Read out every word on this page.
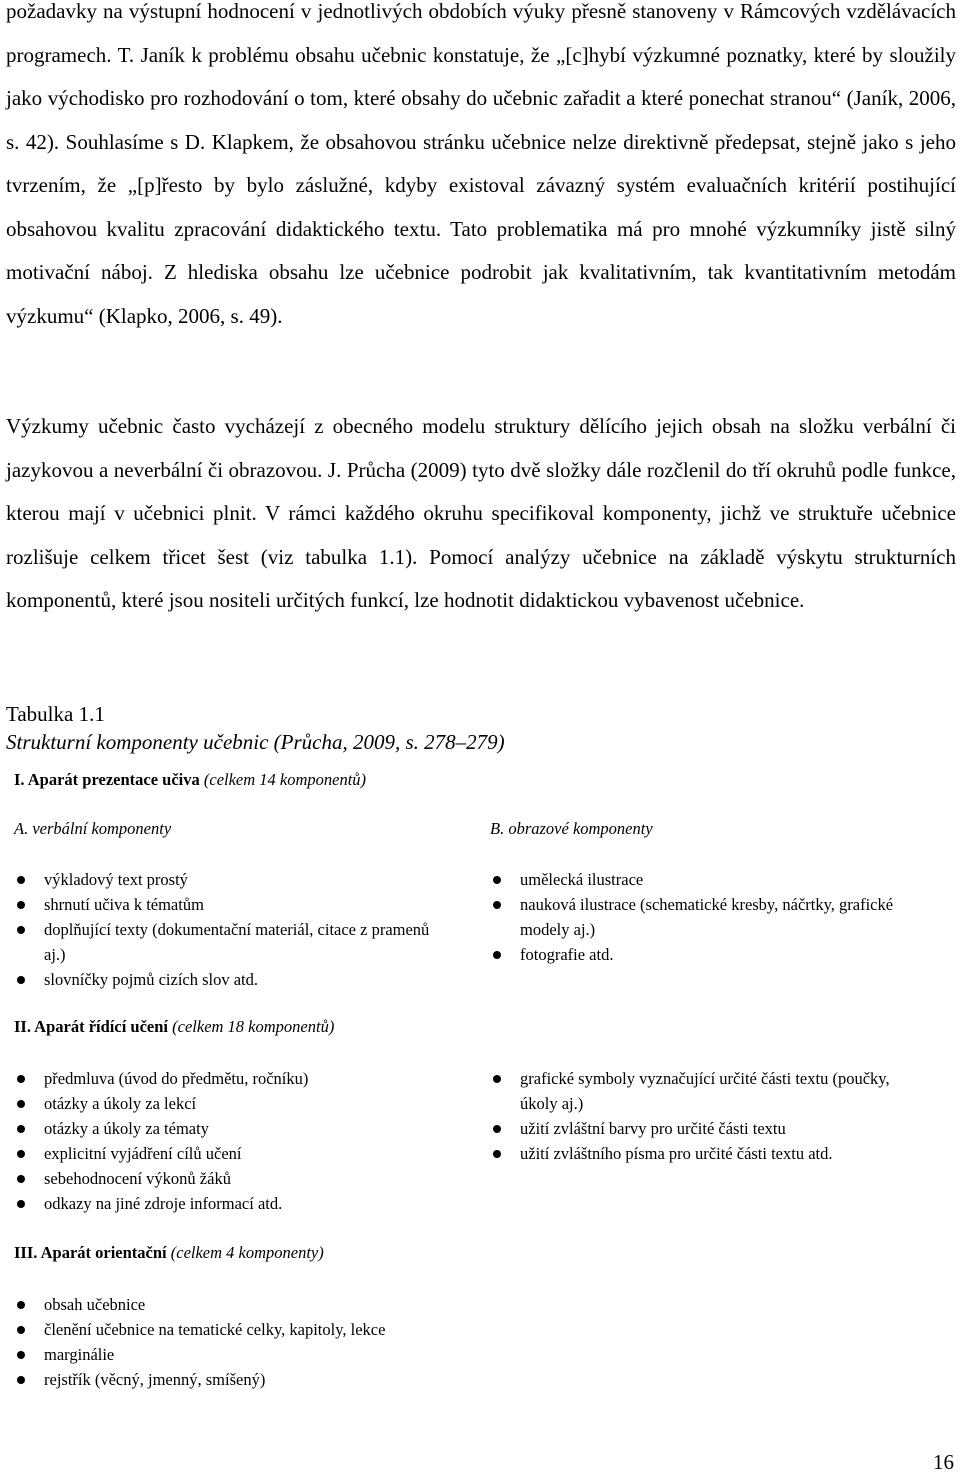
požadavky na výstupní hodnocení v jednotlivých obdobích výuky přesně stanoveny v Rámcových vzdělávacích programech. T. Janík k problému obsahu učebnic konstatuje, že „[c]hybí výzkumné poznatky, které by sloužily jako východisko pro rozhodování o tom, které obsahy do učebnic zařadit a které ponechat stranou“ (Janík, 2006, s. 42). Souhlasíme s D. Klapkem, že obsahovou stránku učebnice nelze direktivně předepsat, stejně jako s jeho tvrzením, že „[p]řesto by bylo záslužné, kdyby existoval závazný systém evaluačních kritérií postihující obsahovou kvalitu zpracování didaktického textu. Tato problematika má pro mnohé výzkumníky jistě silný motivační náboj. Z hlediska obsahu lze učebnice podrobit jak kvalitativním, tak kvantitativním metodám výzkumu“ (Klapko, 2006, s. 49).

Výzkumy učebnic často vycházejí z obecného modelu struktury dělícího jejich obsah na složku verbální či jazykovou a neverbální či obrazovou. J. Průcha (2009) tyto dvě složky dále rozčlenil do tří okruhů podle funkce, kterou mají v učebnici plnit. V rámci každého okruhu specifikoval komponenty, jichž ve struktuře učebnice rozlišuje celkem třicet šest (viz tabulka 1.1). Pomocí analýzy učebnice na základě výskytu strukturních komponentů, které jsou nositeli určitých funkcí, lze hodnotit didaktickou vybavenost učebnice.

Tabulka 1.1
Strukturní komponenty učebnic (Průcha, 2009, s. 278–279)
I. Aparát prezentace učiva (celkem 14 komponentů)
A. verbální komponenty	B. obrazové komponenty
výkladový text prostý
shrnutí učiva k tématům
doplňující texty (dokumentační materiál, citace z pramenů aj.)
slovníčky pojmů cizích slov atd.
umělecká ilustrace
nauková ilustrace (schematické kresby, náčrtky, grafické modely aj.)
fotografie atd.
II. Aparát řídící učení (celkem 18 komponentů)
předmluva (úvod do předmětu, ročníku)
otázky a úkoly za lekcí
otázky a úkoly za tématy
explicitní vyjádření cílů učení
sebehodnocení výkonů žáků
odkazy na jiné zdroje informací atd.
grafické symboly vyznačující určité části textu (poučky, úkoly aj.)
užití zvláštní barvy pro určité části textu
užití zvláštního písma pro určité části textu atd.
III. Aparát orientační (celkem 4 komponenty)
obsah učebnice
členění učebnice na tematické celky, kapitoly, lekce
marginálie
rejstřík (věcný, jmenný, smíšený)
16
